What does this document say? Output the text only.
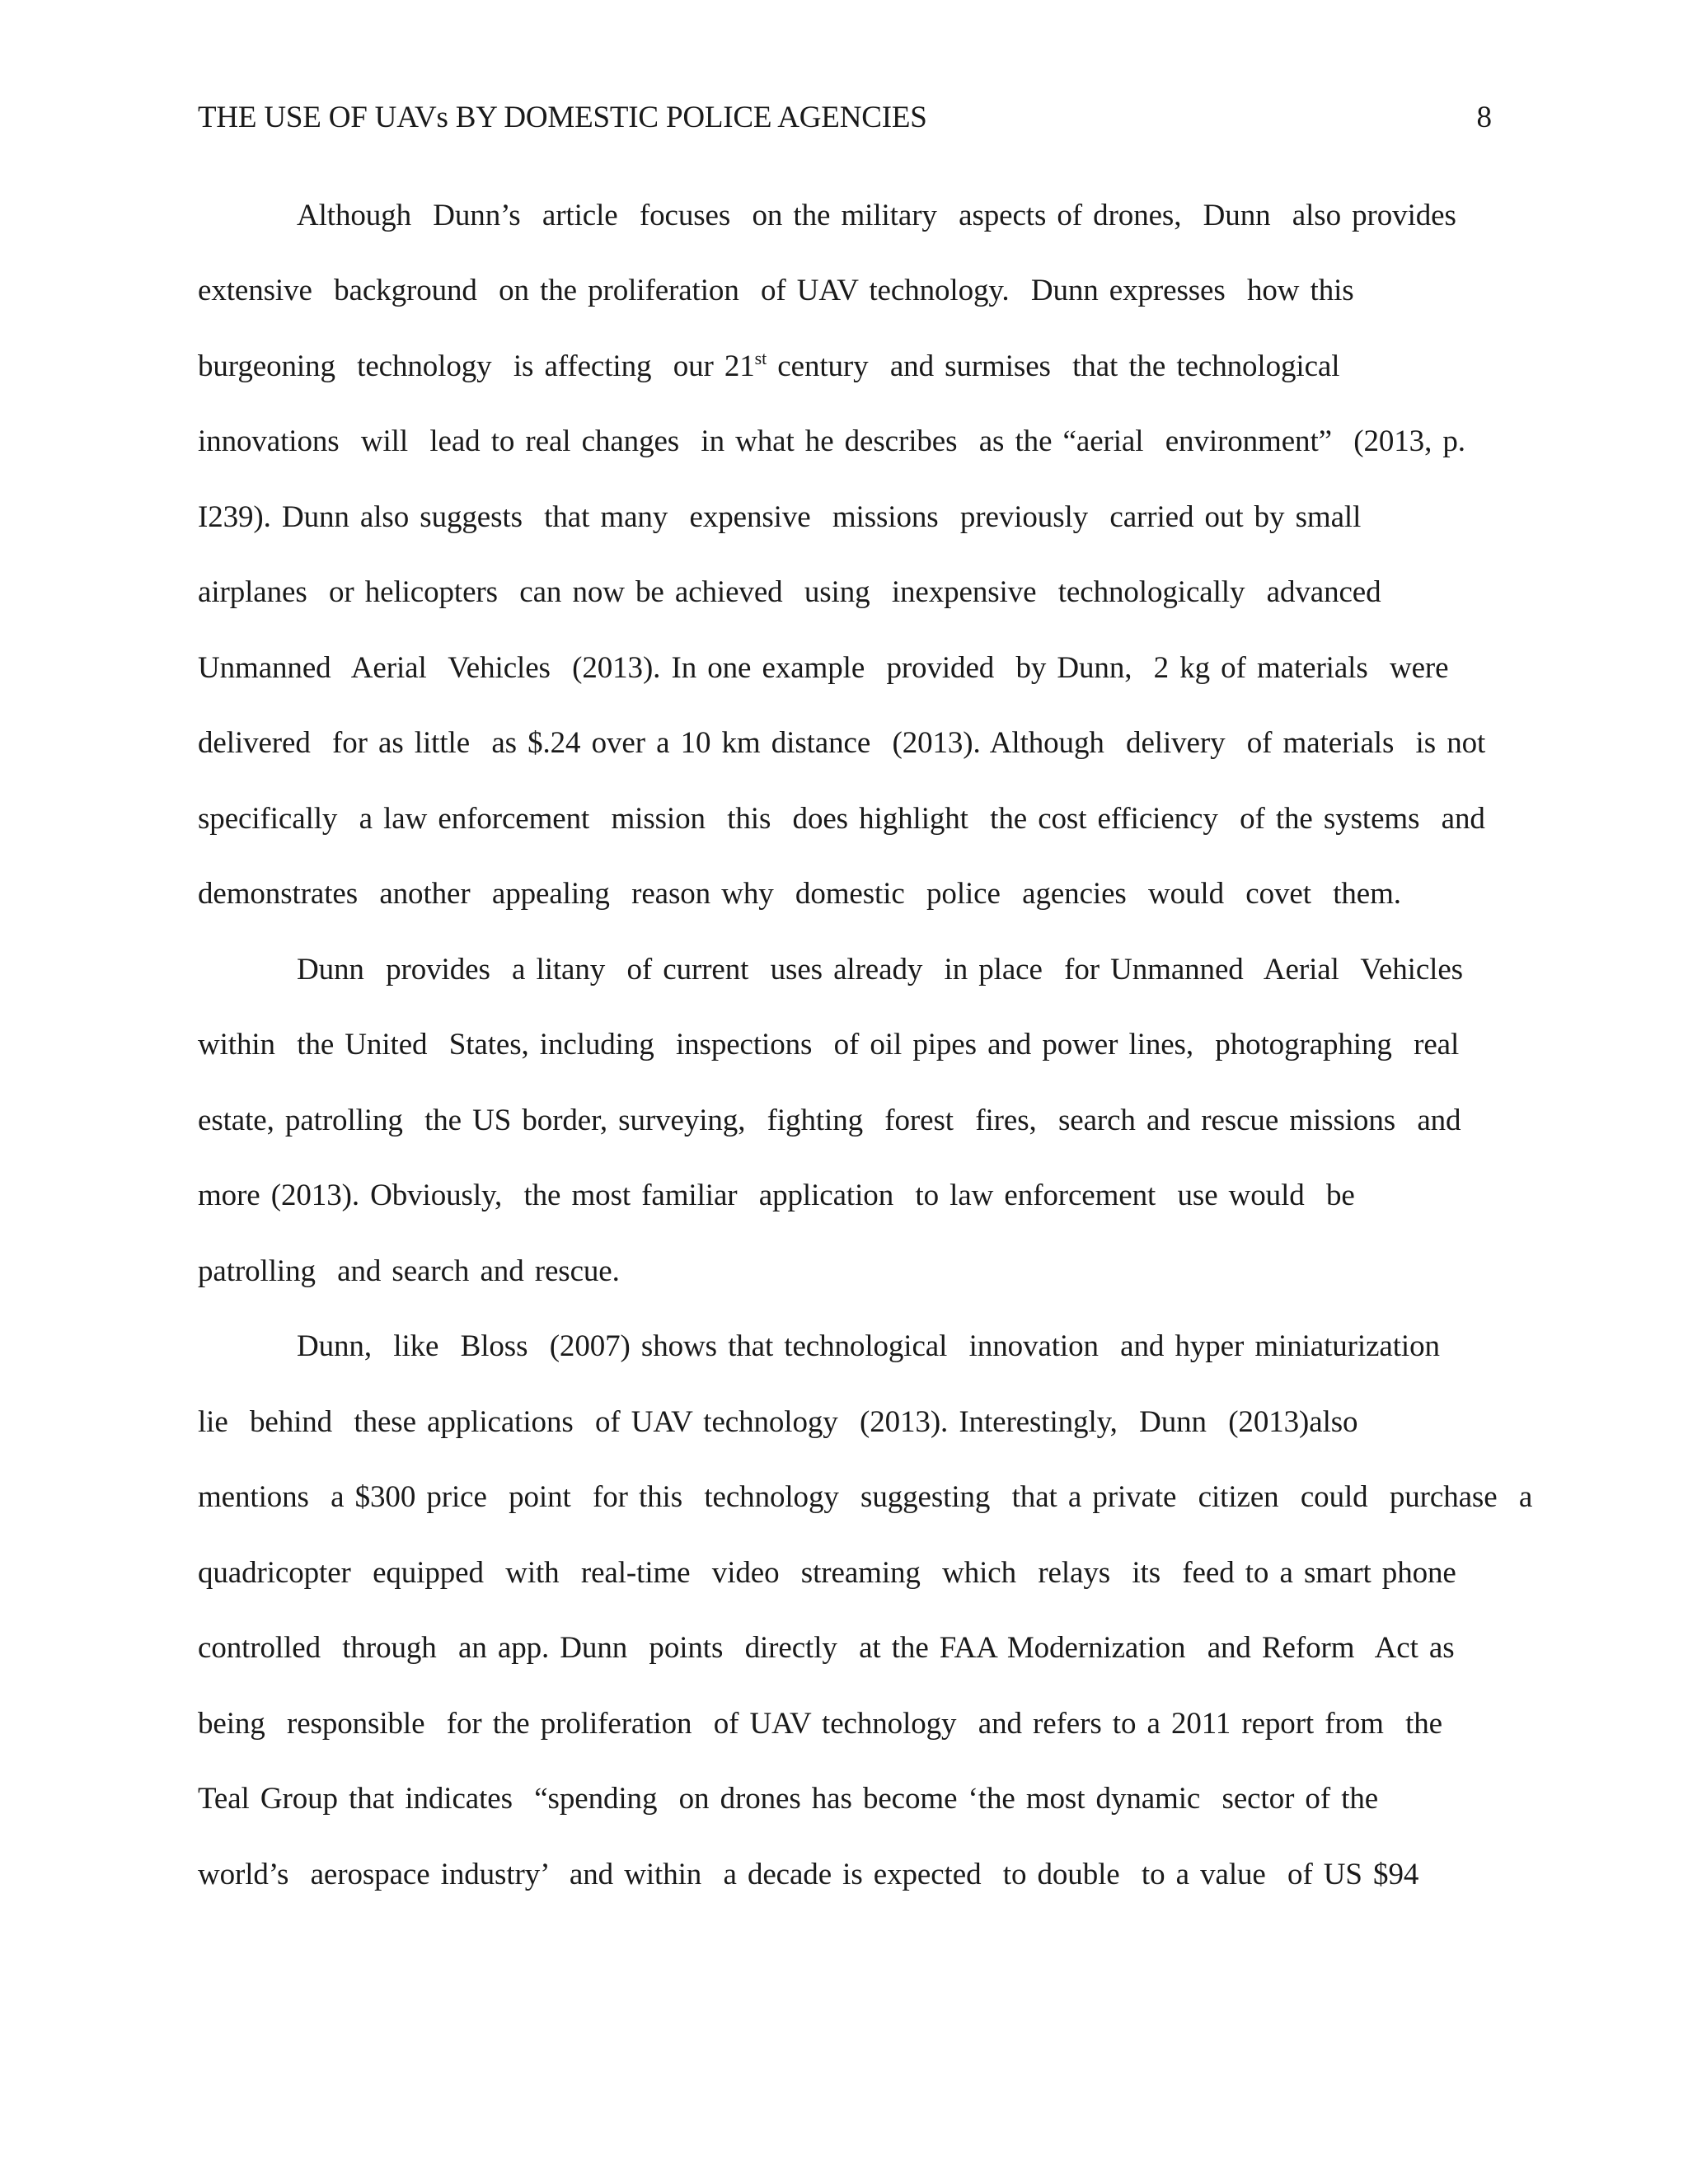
THE USE OF UAVs BY DOMESTIC POLICE AGENCIES	8
Although  Dunn’s  article  focuses  on the military  aspects of drones,  Dunn  also provides
extensive  background  on the proliferation  of UAV technology.  Dunn expresses  how this
burgeoning  technology  is affecting  our 21st century  and surmises  that the technological
innovations  will  lead to real changes  in what he describes  as the “aerial  environment”  (2013, p.
I239). Dunn also suggests  that many  expensive  missions  previously  carried out by small
airplanes  or helicopters  can now be achieved  using  inexpensive  technologically  advanced
Unmanned  Aerial  Vehicles  (2013). In one example  provided  by Dunn,  2 kg of materials  were
delivered  for as little  as $.24 over a 10 km distance  (2013). Although  delivery  of materials  is not
specifically  a law enforcement  mission  this  does highlight  the cost efficiency  of the systems  and
demonstrates  another  appealing  reason why  domestic  police  agencies  would  covet  them.
Dunn  provides  a litany  of current  uses already  in place  for Unmanned  Aerial  Vehicles
within  the United  States, including  inspections  of oil pipes and power lines,  photographing  real
estate, patrolling  the US border, surveying,  fighting  forest  fires,  search and rescue missions  and
more (2013). Obviously,  the most familiar  application  to law enforcement  use would  be
patrolling  and search and rescue.
Dunn,  like  Bloss  (2007) shows that technological  innovation  and hyper miniaturization
lie  behind  these applications  of UAV technology  (2013). Interestingly,  Dunn  (2013)also
mentions  a $300 price  point  for this  technology  suggesting  that a private  citizen  could  purchase  a
quadricopter  equipped  with  real-time  video  streaming  which  relays  its  feed to a smart phone
controlled  through  an app. Dunn  points  directly  at the FAA Modernization  and Reform  Act as
being  responsible  for the proliferation  of UAV technology  and refers to a 2011 report from  the
Teal Group that indicates  “spending  on drones has become ‘the most dynamic  sector of the
world’s  aerospace industry’  and within  a decade is expected  to double  to a value  of US $94
